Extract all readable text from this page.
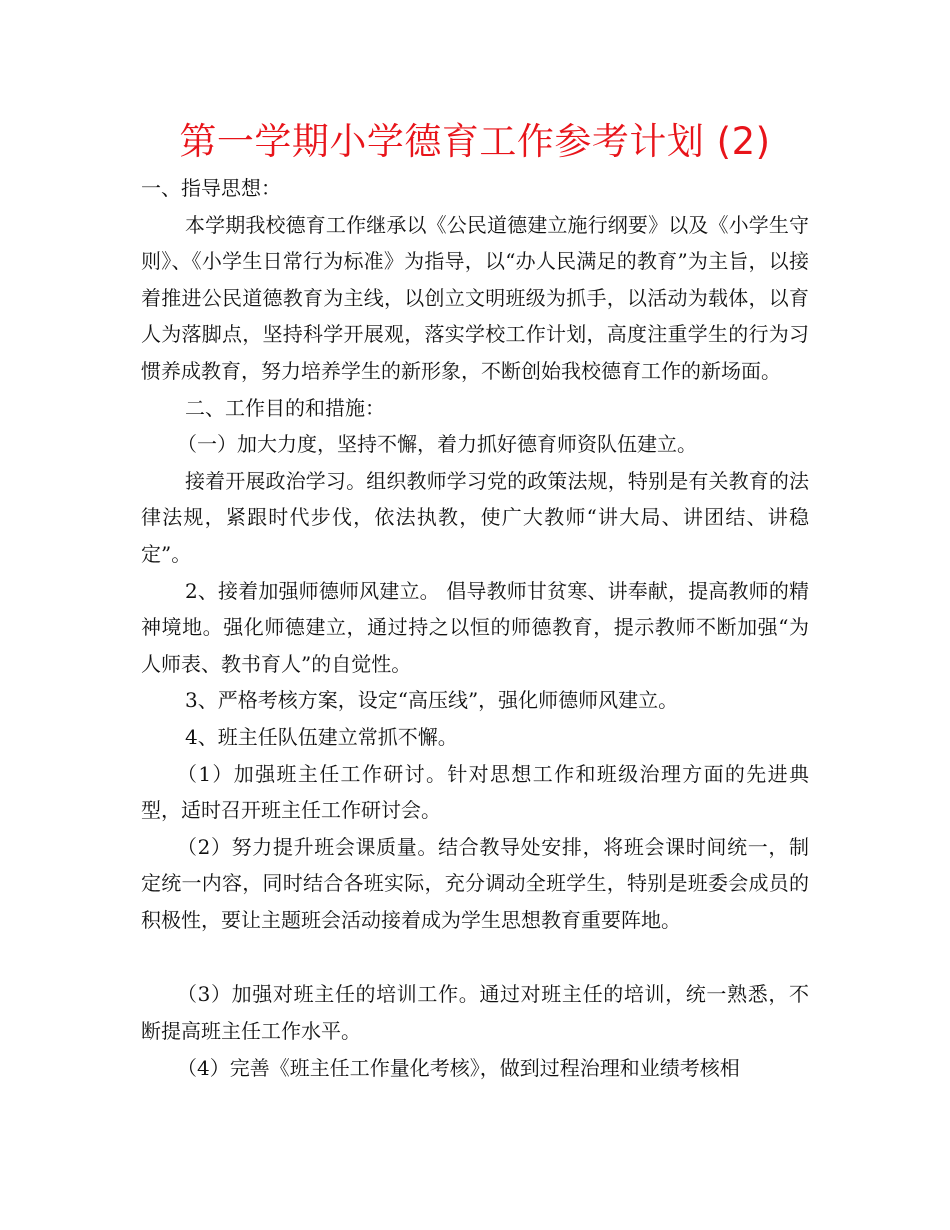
第一学期小学德育工作参考计划 (2)

一、指导思想：

本学期我校德育工作继承以《公民道德建立施行纲要》以及《小学生守则》、《小学生日常行为标准》为指导，以“办人民满足的教育”为主旨，以接着推进公民道德教育为主线，以创立文明班级为抓手，以活动为载体，以育人为落脚点，坚持科学开展观，落实学校工作计划，高度注重学生的行为习惯养成教育，努力培养学生的新形象，不断创始我校德育工作的新场面。

二、工作目的和措施：

（一）加大力度，坚持不懈，着力抓好德育师资队伍建立。

接着开展政治学习。组织教师学习党的政策法规，特别是有关教育的法律法规，紧跟时代步伐，依法执教，使广大教师“讲大局、讲团结、讲稳定”。

2、接着加强师德师风建立。 倡导教师甘贫寒、讲奉献，提高教师的精神境地。强化师德建立，通过持之以恒的师德教育，提示教师不断加强“为人师表、教书育人”的自觉性。

3、严格考核方案，设定“高压线”，强化师德师风建立。

4、班主任队伍建立常抓不懈。

（1）加强班主任工作研讨。针对思想工作和班级治理方面的先进典型，适时召开班主任工作研讨会。

（2）努力提升班会课质量。结合教导处安排，将班会课时间统一，制定统一内容，同时结合各班实际，充分调动全班学生，特别是班委会成员的积极性，要让主题班会活动接着成为学生思想教育重要阵地。

（3）加强对班主任的培训工作。通过对班主任的培训，统一熟悉，不断提高班主任工作水平。

（4）完善《班主任工作量化考核》，做到过程治理和业绩考核相
